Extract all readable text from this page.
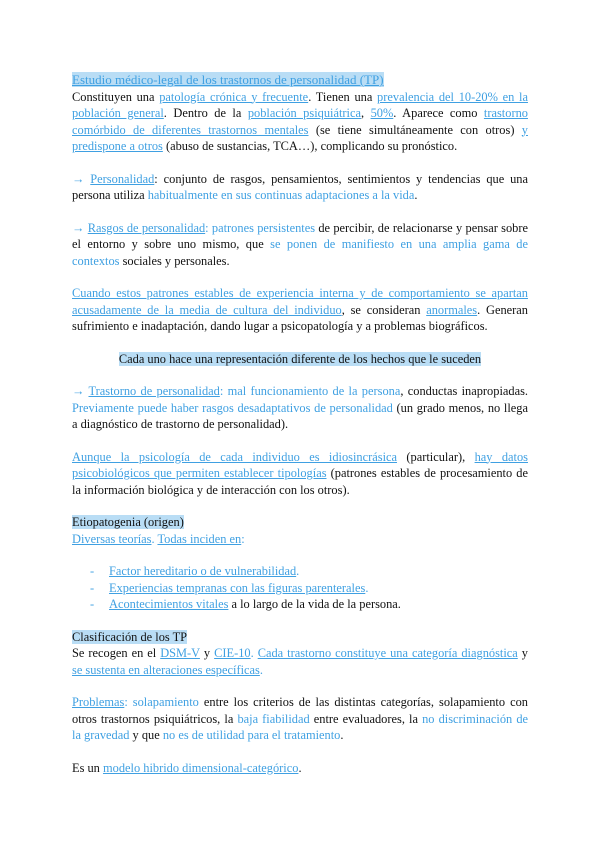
Estudio médico-legal de los trastornos de personalidad (TP)

Constituyen una patología crónica y frecuente. Tienen una prevalencia del 10-20% en la población general. Dentro de la población psiquiátrica, 50%. Aparece como trastorno comórbido de diferentes trastornos mentales (se tiene simultáneamente con otros) y predispone a otros (abuso de sustancias, TCA…), complicando su pronóstico.

→ Personalidad: conjunto de rasgos, pensamientos, sentimientos y tendencias que una persona utiliza habitualmente en sus continuas adaptaciones a la vida.

→ Rasgos de personalidad: patrones persistentes de percibir, de relacionarse y pensar sobre el entorno y sobre uno mismo, que se ponen de manifiesto en una amplia gama de contextos sociales y personales.

Cuando estos patrones estables de experiencia interna y de comportamiento se apartan acusadamente de la media de cultura del individuo, se consideran anormales. Generan sufrimiento e inadaptación, dando lugar a psicopatología y a problemas biográficos.

Cada uno hace una representación diferente de los hechos que le suceden

→ Trastorno de personalidad: mal funcionamiento de la persona, conductas inapropiadas. Previamente puede haber rasgos desadaptativos de personalidad (un grado menos, no llega a diagnóstico de trastorno de personalidad).

Aunque la psicología de cada individuo es idiosincrásica (particular), hay datos psicobiológicos que permiten establecer tipologías (patrones estables de procesamiento de la información biológica y de interacción con los otros).

Etiopatogenia (origen)

Diversas teorías. Todas inciden en:

- Factor hereditario o de vulnerabilidad.
- Experiencias tempranas con las figuras parenterales.
- Acontecimientos vitales a lo largo de la vida de la persona.

Clasificación de los TP

Se recogen en el DSM-V y CIE-10. Cada trastorno constituye una categoría diagnóstica y se sustenta en alteraciones específicas.

Problemas: solapamiento entre los criterios de las distintas categorías, solapamiento con otros trastornos psiquiátricos, la baja fiabilidad entre evaluadores, la no discriminación de la gravedad y que no es de utilidad para el tratamiento.

Es un modelo hibrido dimensional-categórico.
